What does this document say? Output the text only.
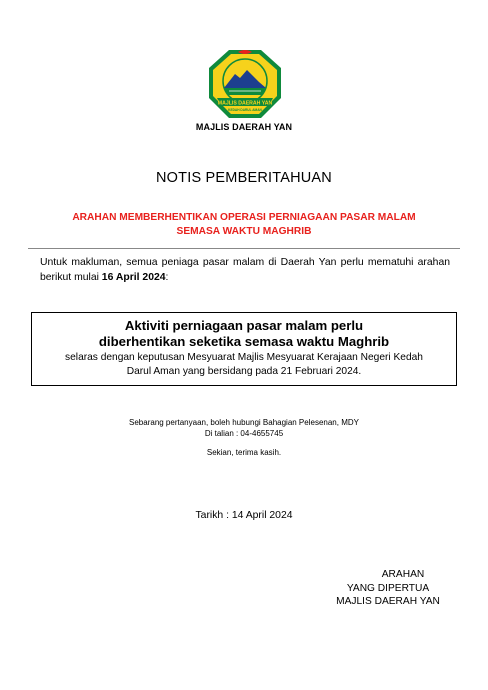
MAJLIS DAERAH YAN
KEDAH DARUL AMAN
MAJLIS DAERAH YAN
NOTIS PEMBERITAHUAN
ARAHAN MEMBERHENTIKAN OPERASI PERNIAGAAN PASAR MALAM
SEMASA WAKTU MAGHRIB
Untuk makluman, semua peniaga pasar malam di Daerah Yan perlu mematuhi arahan berikut mulai 16 April 2024:
Aktiviti perniagaan pasar malam perlu
diberhentikan seketika semasa waktu Maghrib
selaras dengan keputusan Mesyuarat Majlis Mesyuarat Kerajaan Negeri Kedah
Darul Aman yang bersidang pada 21 Februari 2024.
Sebarang pertanyaan, boleh hubungi Bahagian Pelesenan, MDY
Di talian : 04-4655745
Sekian, terima kasih.
Tarikh : 14 April 2024
ARAHAN
YANG DIPERTUA
MAJLIS DAERAH YAN
